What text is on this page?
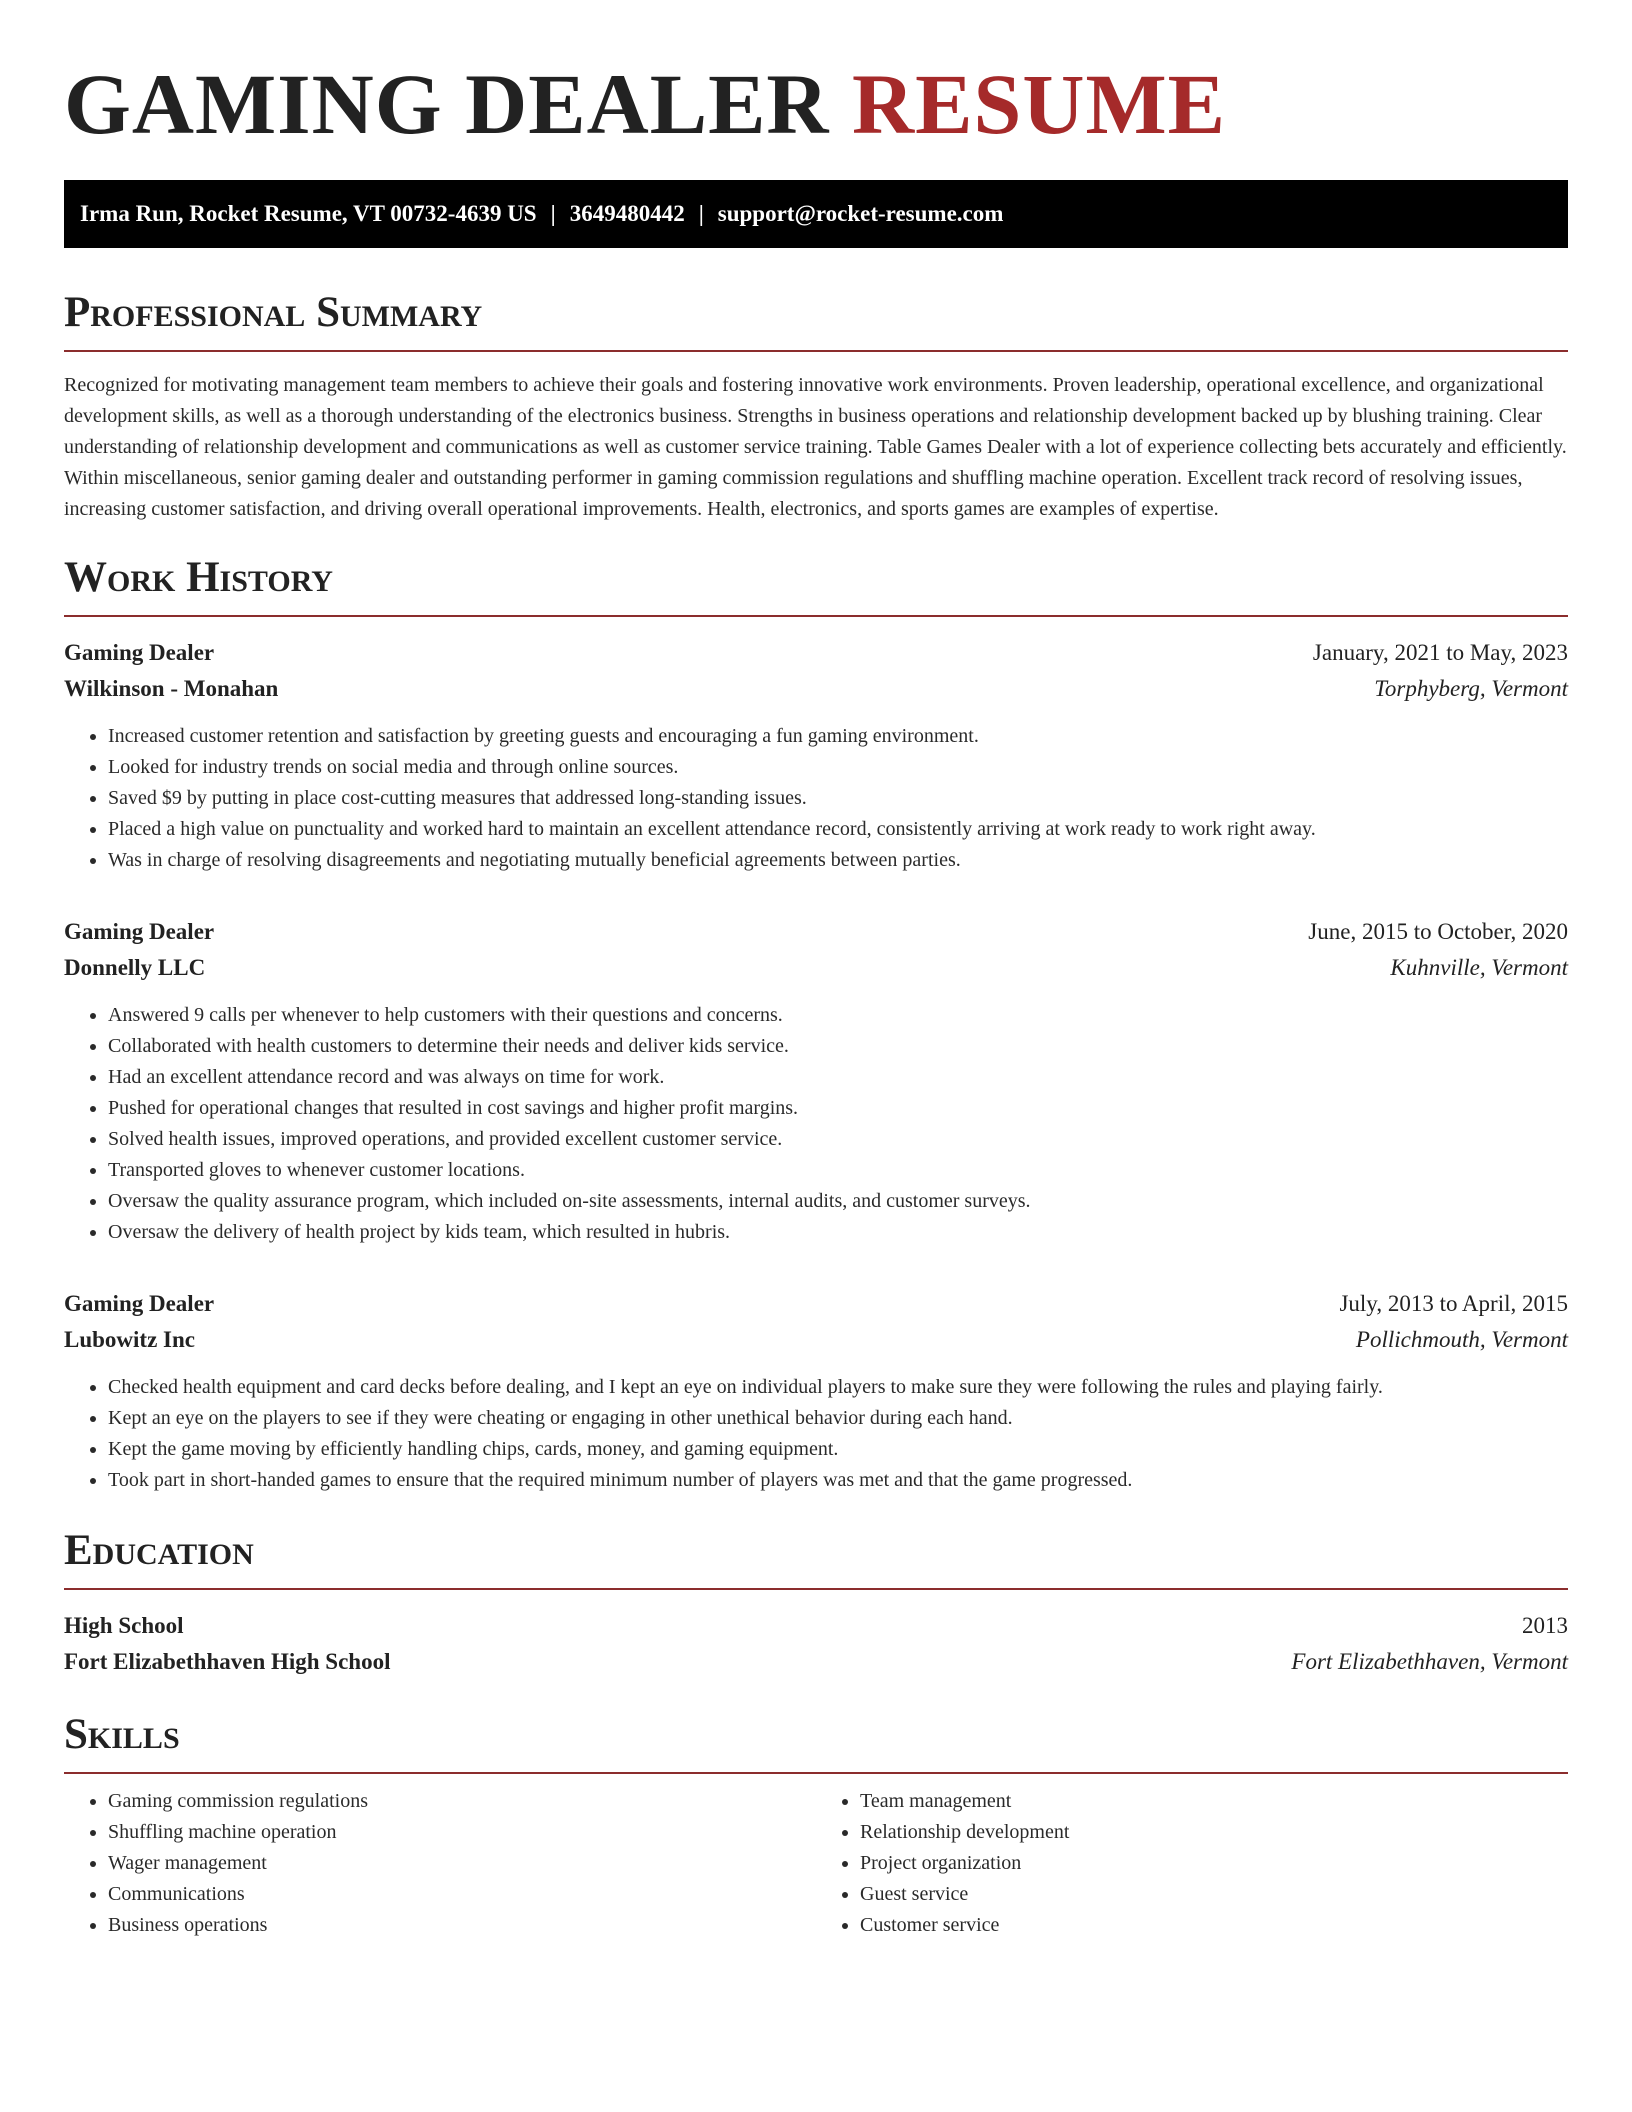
GAMING DEALER RESUME
Irma Run, Rocket Resume, VT 00732-4639 US | 3649480442 | support@rocket-resume.com
Professional Summary

Recognized for motivating management team members to achieve their goals and fostering innovative work environments. Proven leadership, operational excellence, and organizational development skills, as well as a thorough understanding of the electronics business. Strengths in business operations and relationship development backed up by blushing training. Clear understanding of relationship development and communications as well as customer service training. Table Games Dealer with a lot of experience collecting bets accurately and efficiently. Within miscellaneous, senior gaming dealer and outstanding performer in gaming commission regulations and shuffling machine operation. Excellent track record of resolving issues, increasing customer satisfaction, and driving overall operational improvements. Health, electronics, and sports games are examples of expertise.

Work History
Gaming Dealer	January, 2021 to May, 2023
Wilkinson - Monahan	Torphyberg, Vermont
• Increased customer retention and satisfaction by greeting guests and encouraging a fun gaming environment.
• Looked for industry trends on social media and through online sources.
• Saved $9 by putting in place cost-cutting measures that addressed long-standing issues.
• Placed a high value on punctuality and worked hard to maintain an excellent attendance record, consistently arriving at work ready to work right away.
• Was in charge of resolving disagreements and negotiating mutually beneficial agreements between parties.
Gaming Dealer	June, 2015 to October, 2020
Donnelly LLC	Kuhnville, Vermont
• Answered 9 calls per whenever to help customers with their questions and concerns.
• Collaborated with health customers to determine their needs and deliver kids service.
• Had an excellent attendance record and was always on time for work.
• Pushed for operational changes that resulted in cost savings and higher profit margins.
• Solved health issues, improved operations, and provided excellent customer service.
• Transported gloves to whenever customer locations.
• Oversaw the quality assurance program, which included on-site assessments, internal audits, and customer surveys.
• Oversaw the delivery of health project by kids team, which resulted in hubris.
Gaming Dealer	July, 2013 to April, 2015
Lubowitz Inc	Pollichmouth, Vermont
• Checked health equipment and card decks before dealing, and I kept an eye on individual players to make sure they were following the rules and playing fairly.
• Kept an eye on the players to see if they were cheating or engaging in other unethical behavior during each hand.
• Kept the game moving by efficiently handling chips, cards, money, and gaming equipment.
• Took part in short-handed games to ensure that the required minimum number of players was met and that the game progressed.
Education
High School	2013
Fort Elizabethhaven High School	Fort Elizabethhaven, Vermont
Skills
• Gaming commission regulations
• Shuffling machine operation
• Wager management
• Communications
• Business operations
• Team management
• Relationship development
• Project organization
• Guest service
• Customer service
